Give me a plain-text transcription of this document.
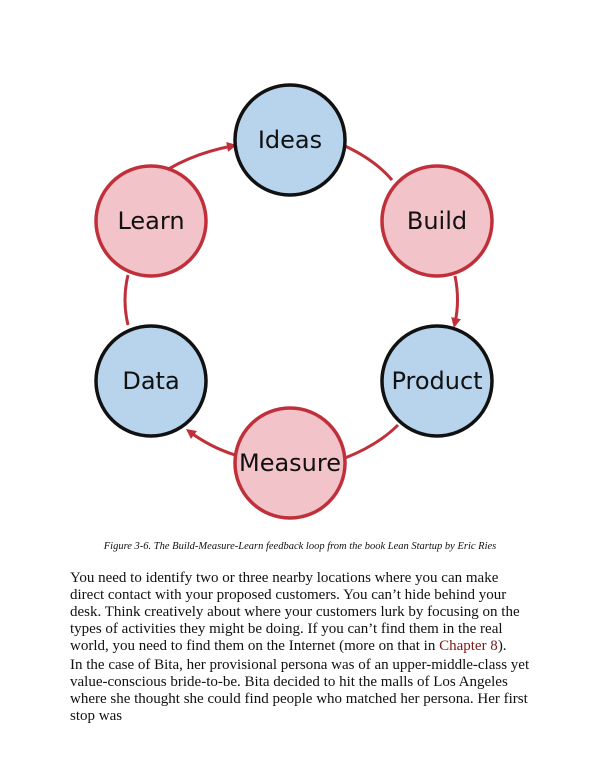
Ideas
Build
Product
Measure
Data
Learn
Figure 3-6. The Build-Measure-Learn feedback loop from the book Lean Startup by Eric Ries

You need to identify two or three nearby locations where you can make direct contact with your proposed customers. You can’t hide behind your desk. Think creatively about where your customers lurk by focusing on the types of activities they might be doing. If you can’t find them in the real world, you need to find them on the Internet (more on that in Chapter 8).

In the case of Bita, her provisional persona was of an upper-middle-class yet value-conscious bride-to-be. Bita decided to hit the malls of Los Angeles where she thought she could find people who matched her persona. Her first stop was
